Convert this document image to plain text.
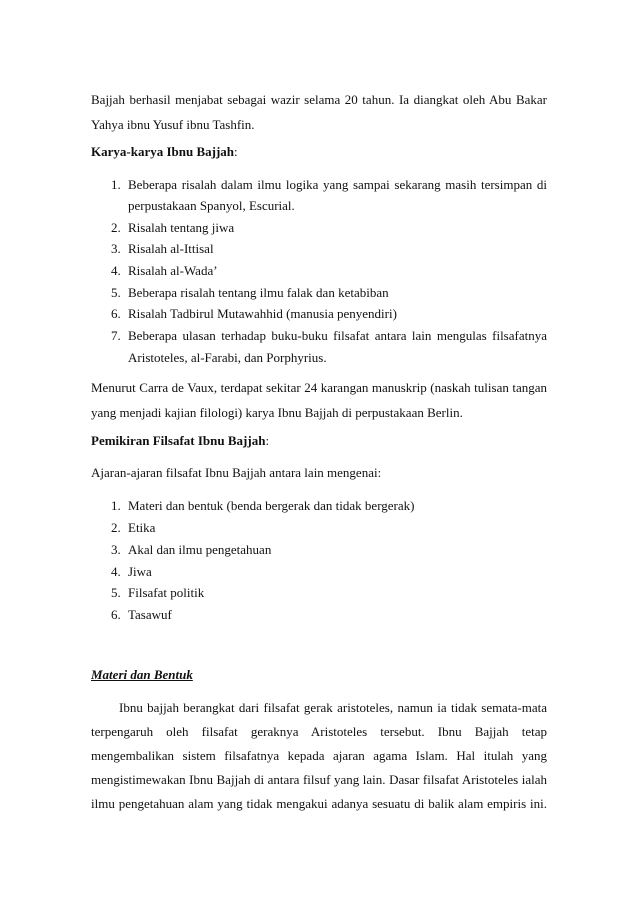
Bajjah berhasil menjabat sebagai wazir selama 20 tahun. Ia diangkat oleh Abu Bakar
Yahya ibnu Yusuf ibnu Tashfin.
Karya-karya Ibnu Bajjah:
1. Beberapa risalah dalam ilmu logika yang sampai sekarang masih tersimpan di
perpustakaan Spanyol, Escurial.
2. Risalah tentang jiwa
3. Risalah al-Ittisal
4. Risalah al-Wada’
5. Beberapa risalah tentang ilmu falak dan ketabiban
6. Risalah Tadbirul Mutawahhid (manusia penyendiri)
7. Beberapa ulasan terhadap buku-buku filsafat antara lain mengulas filsafatnya
Aristoteles, al-Farabi, dan Porphyrius.
Menurut Carra de Vaux, terdapat sekitar 24 karangan manuskrip (naskah tulisan tangan
yang menjadi kajian filologi) karya Ibnu Bajjah di perpustakaan Berlin.
Pemikiran Filsafat Ibnu Bajjah:
Ajaran-ajaran filsafat Ibnu Bajjah antara lain mengenai:
1. Materi dan bentuk (benda bergerak dan tidak bergerak)
2. Etika
3. Akal dan ilmu pengetahuan
4. Jiwa
5. Filsafat politik
6. Tasawuf
Materi dan Bentuk
Ibnu bajjah berangkat dari filsafat gerak aristoteles, namun ia tidak semata-mata
terpengaruh oleh filsafat geraknya Aristoteles tersebut. Ibnu Bajjah tetap
mengembalikan sistem filsafatnya kepada ajaran agama Islam. Hal itulah yang
mengistimewakan Ibnu Bajjah di antara filsuf yang lain. Dasar filsafat Aristoteles ialah
ilmu pengetahuan alam yang tidak mengakui adanya sesuatu di balik alam empiris ini.
